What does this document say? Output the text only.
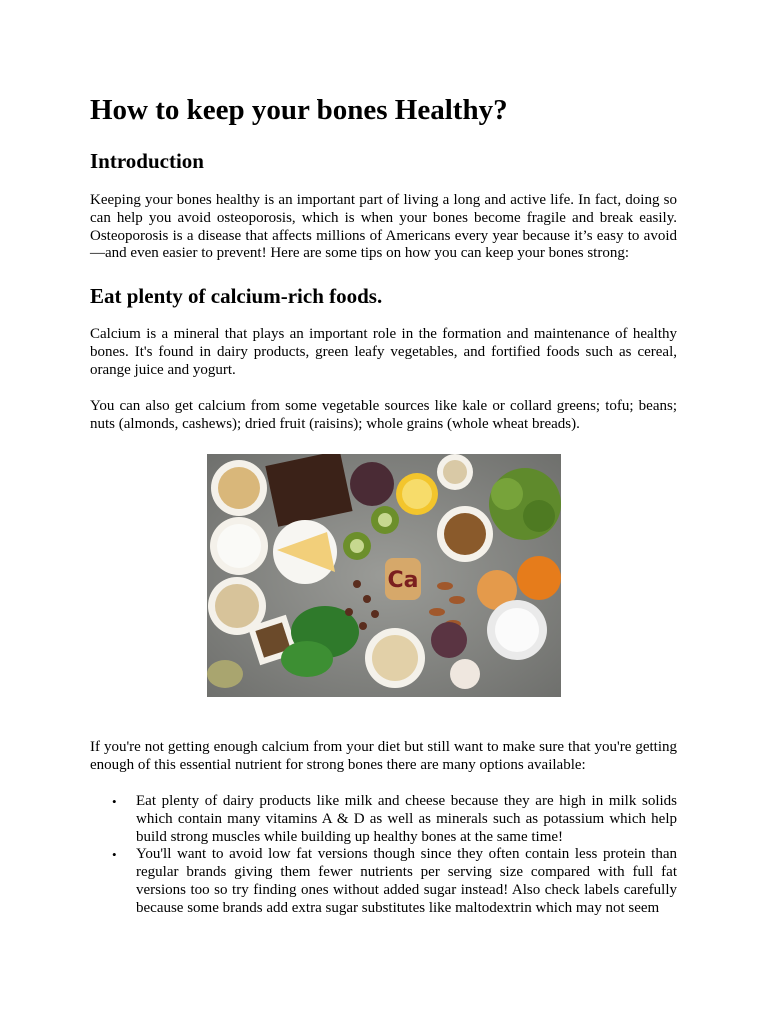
How to keep your bones Healthy?
Introduction

Keeping your bones healthy is an important part of living a long and active life. In fact, doing so can help you avoid osteoporosis, which is when your bones become fragile and break easily. Osteoporosis is a disease that affects millions of Americans every year because it’s easy to avoid—and even easier to prevent! Here are some tips on how you can keep your bones strong:

Eat plenty of calcium-rich foods.

Calcium is a mineral that plays an important role in the formation and maintenance of healthy bones. It's found in dairy products, green leafy vegetables, and fortified foods such as cereal, orange juice and yogurt.

You can also get calcium from some vegetable sources like kale or collard greens; tofu; beans; nuts (almonds, cashews); dried fruit (raisins); whole grains (whole wheat breads).

Ca

If you're not getting enough calcium from your diet but still want to make sure that you're getting enough of this essential nutrient for strong bones there are many options available:

• Eat plenty of dairy products like milk and cheese because they are high in milk solids which contain many vitamins A & D as well as minerals such as potassium which help build strong muscles while building up healthy bones at the same time!
• You'll want to avoid low fat versions though since they often contain less protein than regular brands giving them fewer nutrients per serving size compared with full fat versions too so try finding ones without added sugar instead! Also check labels carefully because some brands add extra sugar substitutes like maltodextrin which may not seem
